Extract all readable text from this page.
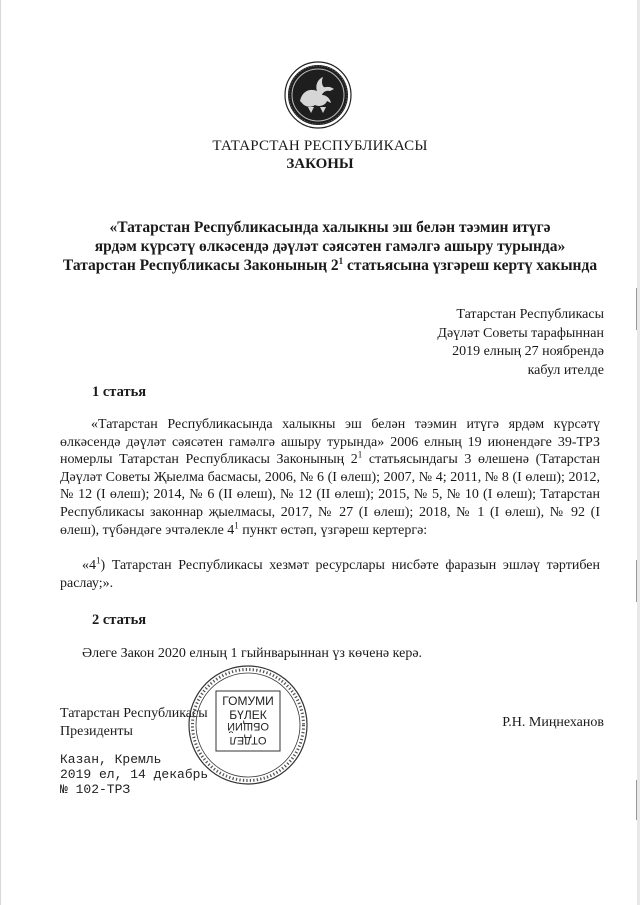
ТАТАРСТАН РЕСПУБЛИКАСЫ
ЗАКОНЫ
«Татарстан Республикасында халыкны эш белән тәэмин итүгә
ярдәм күрсәтү өлкәсендә дәүләт сәясәтен гамәлгә ашыру турында»
Татарстан Республикасы Законының $2^1$ статьясына үзгәреш кертү хакында
Татарстан Республикасы
Дәүләт Советы тарафыннан
2019 елның 27 ноябрендә
кабул ителде
1 статья
«Татарстан Республикасында халыкны эш белән тәэмин итүгә ярдәм күрсәтү өлкәсендә дәүләт сәясәтен гамәлгә ашыру турында» 2006 елның 19 июнендәге 39-ТРЗ номерлы Татарстан Республикасы Законының $2^1$ статьясындагы 3 өлешенә (Татарстан Дәүләт Советы Җыелма басмасы, 2006, № 6 (I өлеш); 2007, № 4; 2011, № 8 (I өлеш); 2012, № 12 (I өлеш); 2014, № 6 (II өлеш), № 12 (II өлеш); 2015, № 5, № 10 (I өлеш); Татарстан Республикасы законнар җыелмасы, 2017, № 27 (I өлеш); 2018, № 1 (I өлеш), № 92 (I өлеш), түбәндәге эчтәлекле $4^1$ пункт өстәп, үзгәреш кертергә:
«$4^1$) Татарстан Республикасы хезмәт ресурслары нисбәте фаразын эшләү тәртибен раслау;».
2 статья
Әлеге Закон 2020 елның 1 гыйнварыннан үз көченә керә.
Татарстан Республикасы
Президенты
Р.Н. Миңнеханов
ГОМУМИ
БҮЛЕК
ОБЩИЙ
ОТДЕЛ
Казан, Кремль
2019 ел, 14 декабрь
№ 102-ТРЗ
